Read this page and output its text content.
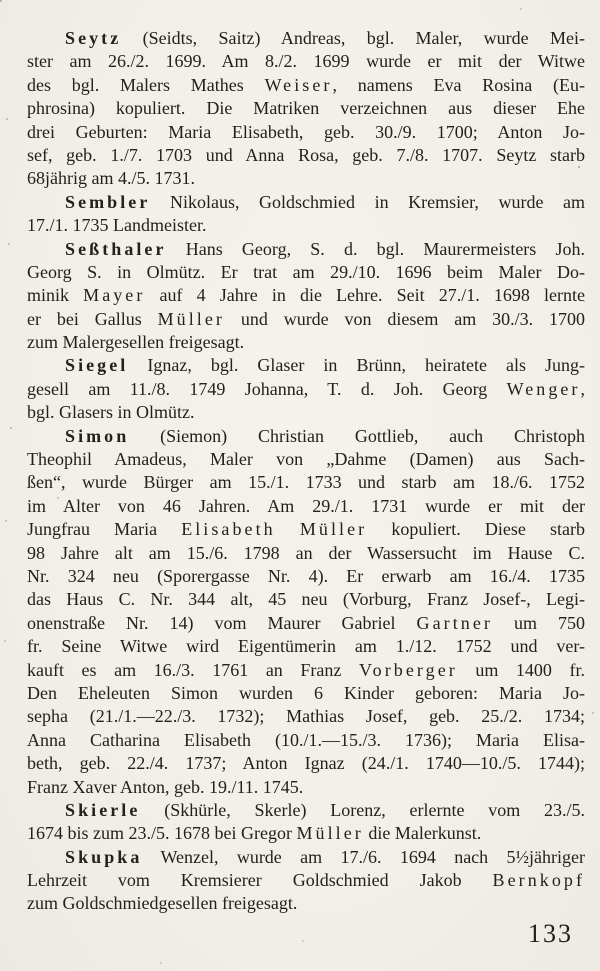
Seytz (Seidts, Saitz) Andreas, bgl. Maler, wurde Mei-
ster am 26./2. 1699. Am 8./2. 1699 wurde er mit der Witwe
des bgl. Malers Mathes Weiser, namens Eva Rosina (Eu-
phrosina) kopuliert. Die Matriken verzeichnen aus dieser Ehe
drei Geburten: Maria Elisabeth, geb. 30./9. 1700; Anton Jo-
sef, geb. 1./7. 1703 und Anna Rosa, geb. 7./8. 1707. Seytz starb
68jährig am 4./5. 1731.
Sembler Nikolaus, Goldschmied in Kremsier, wurde am
17./1. 1735 Landmeister.
Seßthaler Hans Georg, S. d. bgl. Maurermeisters Joh.
Georg S. in Olmütz. Er trat am 29./10. 1696 beim Maler Do-
minik Mayer auf 4 Jahre in die Lehre. Seit 27./1. 1698 lernte
er bei Gallus Müller und wurde von diesem am 30./3. 1700
zum Malergesellen freigesagt.
Siegel Ignaz, bgl. Glaser in Brünn, heiratete als Jung-
gesell am 11./8. 1749 Johanna, T. d. Joh. Georg Wenger,
bgl. Glasers in Olmütz.
Simon (Siemon) Christian Gottlieb, auch Christoph
Theophil Amadeus, Maler von „Dahme (Damen) aus Sach-
ßen“, wurde Bürger am 15./1. 1733 und starb am 18./6. 1752
im Alter von 46 Jahren. Am 29./1. 1731 wurde er mit der
Jungfrau Maria Elisabeth Müller kopuliert. Diese starb
98 Jahre alt am 15./6. 1798 an der Wassersucht im Hause C.
Nr. 324 neu (Sporergasse Nr. 4). Er erwarb am 16./4. 1735
das Haus C. Nr. 344 alt, 45 neu (Vorburg, Franz Josef-, Legi-
onenstraße Nr. 14) vom Maurer Gabriel Gartner um 750
fr. Seine Witwe wird Eigentümerin am 1./12. 1752 und ver-
kauft es am 16./3. 1761 an Franz Vorberger um 1400 fr.
Den Eheleuten Simon wurden 6 Kinder geboren: Maria Jo-
sepha (21./1.—22./3. 1732); Mathias Josef, geb. 25./2. 1734;
Anna Catharina Elisabeth (10./1.—15./3. 1736); Maria Elisa-
beth, geb. 22./4. 1737; Anton Ignaz (24./1. 1740—10./5. 1744);
Franz Xaver Anton, geb. 19./11. 1745.
Skierle (Skhürle, Skerle) Lorenz, erlernte vom 23./5.
1674 bis zum 23./5. 1678 bei Gregor Müller die Malerkunst.
Skupka Wenzel, wurde am 17./6. 1694 nach 5½jähriger
Lehrzeit vom Kremsierer Goldschmied Jakob Bernkopf
zum Goldschmiedgesellen freigesagt.
133
